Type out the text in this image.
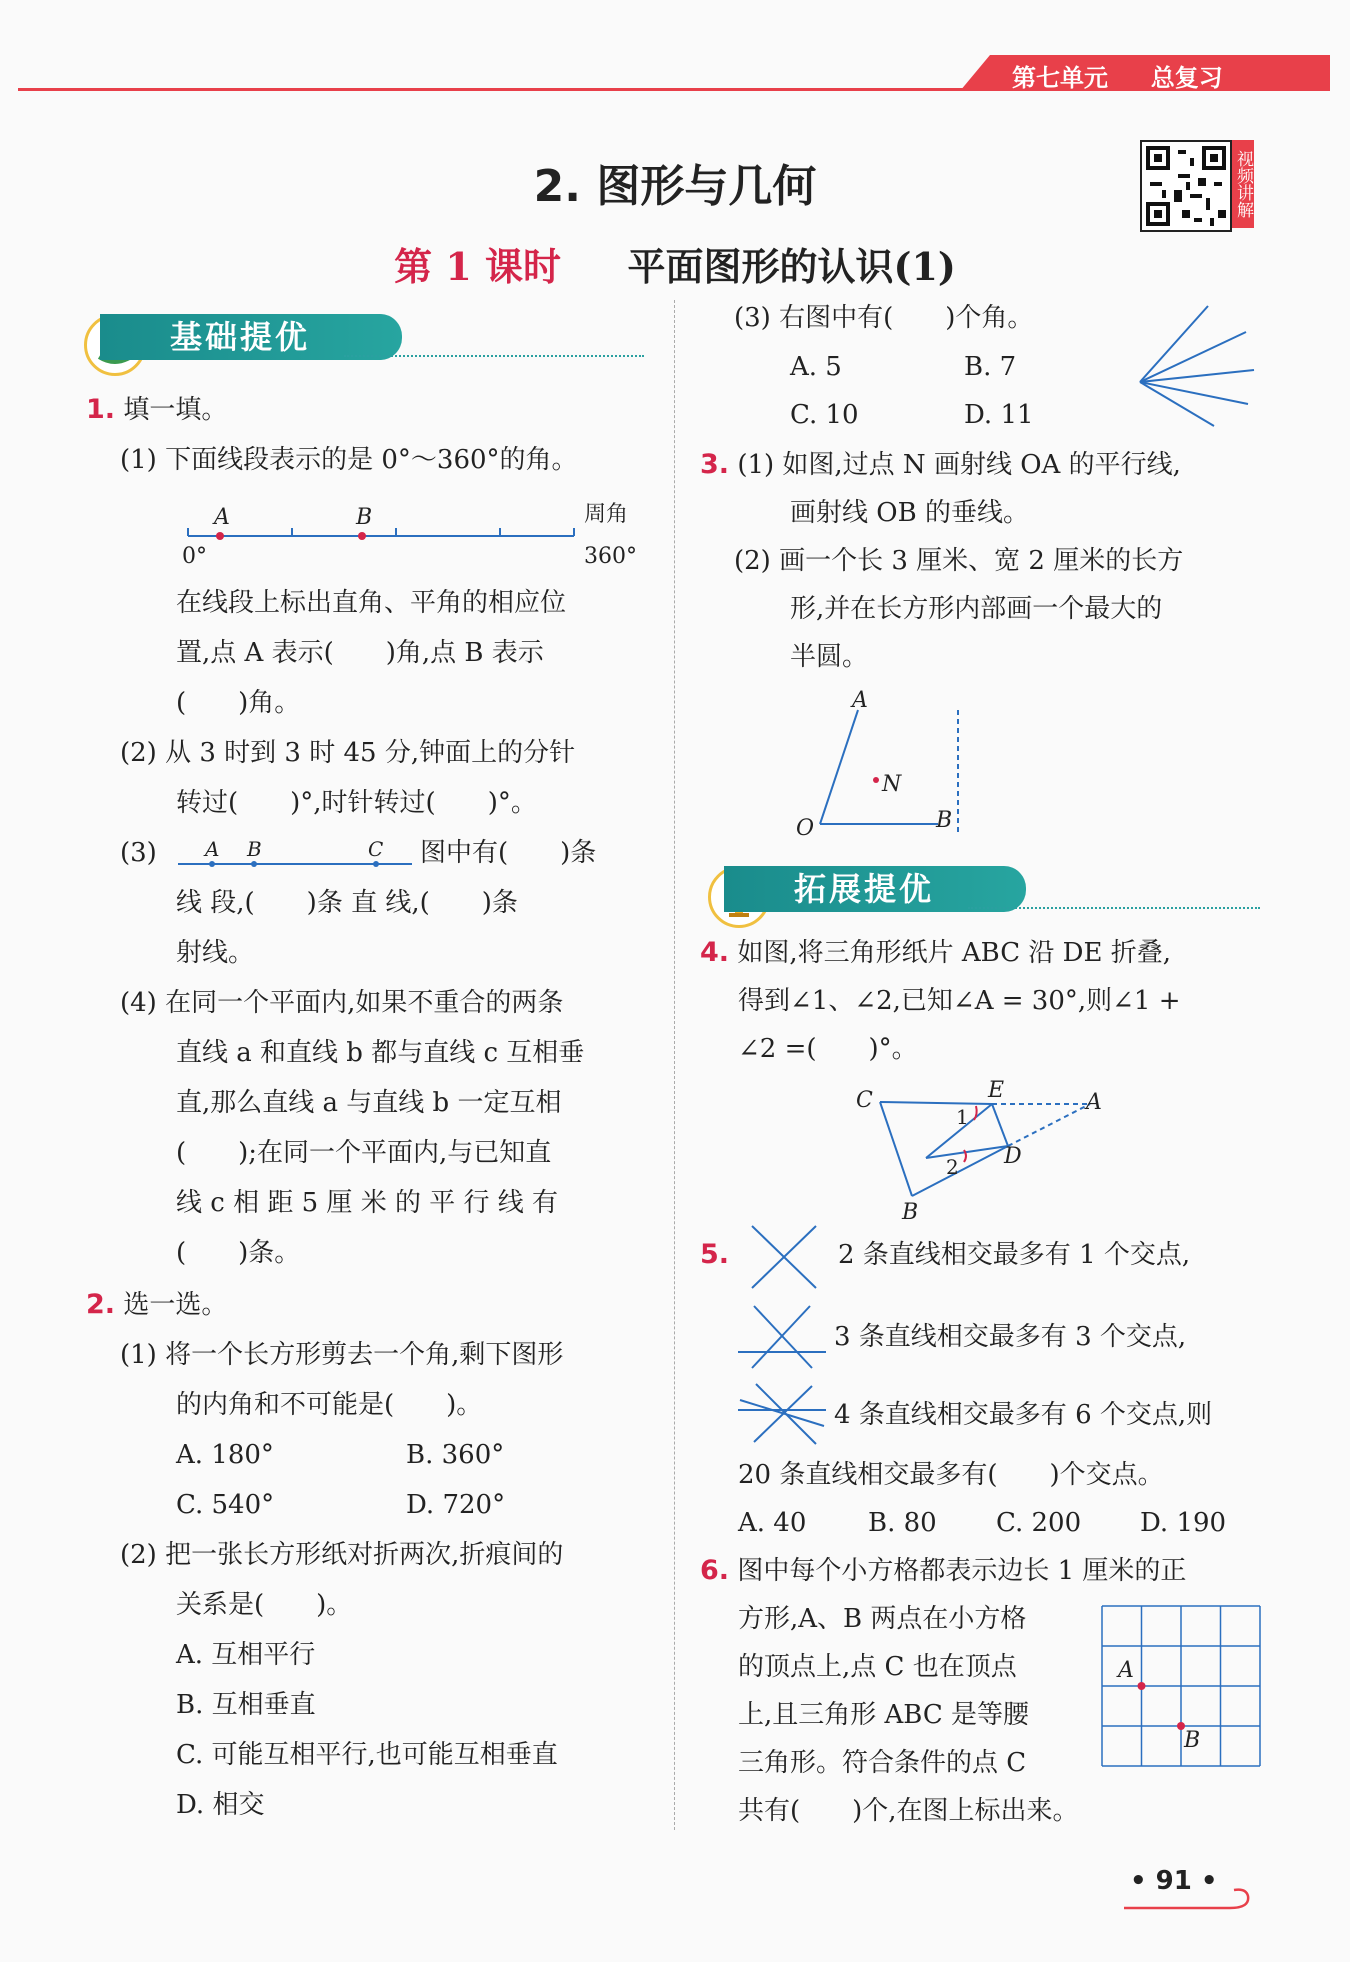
第七单元 总复习
视频讲解
2. 图形与几何
第 1 课时 平面图形的认识(1)
基础提优
拓展提优
1. 填一填。
(1) 下面线段表示的是 0°～360°的角。
A	B	周角
0°	360°
在线段上标出直角、平角的相应位
置,点 A 表示(　　)角,点 B 表示
(　　)角。
(2) 从 3 时到 3 时 45 分,钟面上的分针
转过(　　)°,时针转过(　　)°。
(3) A B	C 图中有(　　)条
线 段,(　　)条 直 线,(　　)条
射线。
(4) 在同一个平面内,如果不重合的两条
直线 a 和直线 b 都与直线 c 互相垂
直,那么直线 a 与直线 b 一定互相
(　　);在同一个平面内,与已知直
线 c 相 距 5 厘 米 的 平 行 线 有
(　　)条。
2. 选一选。
(1) 将一个长方形剪去一个角,剩下图形
的内角和不可能是(　　)。
A. 180°	B. 360°
C. 540°	D. 720°
(2) 把一张长方形纸对折两次,折痕间的
关系是(　　)。
A. 互相平行
B. 互相垂直
C. 可能互相平行,也可能互相垂直
D. 相交
(3) 右图中有(　　)个角。
A. 5	B. 7
C. 10	D. 11
3. (1) 如图,过点 N 画射线 OA 的平行线,
画射线 OB 的垂线。
(2) 画一个长 3 厘米、宽 2 厘米的长方
形,并在长方形内部画一个最大的
半圆。
A
N
O	B
4. 如图,将三角形纸片 ABC 沿 DE 折叠,
得到∠1、∠2,已知∠A = 30°,则∠1 +
∠2 =(　　)°。
C	E	A
1
2 D
B
5.	2 条直线相交最多有 1 个交点,
3 条直线相交最多有 3 个交点,
4 条直线相交最多有 6 个交点,则
20 条直线相交最多有(　　)个交点。
A. 40 B. 80 C. 200 D. 190
6. 图中每个小方格都表示边长 1 厘米的正
方形,A、B 两点在小方格
的顶点上,点 C 也在顶点
上,且三角形 ABC 是等腰
三角形。符合条件的点 C
共有(　　)个,在图上标出来。
A
B
• 91 •
